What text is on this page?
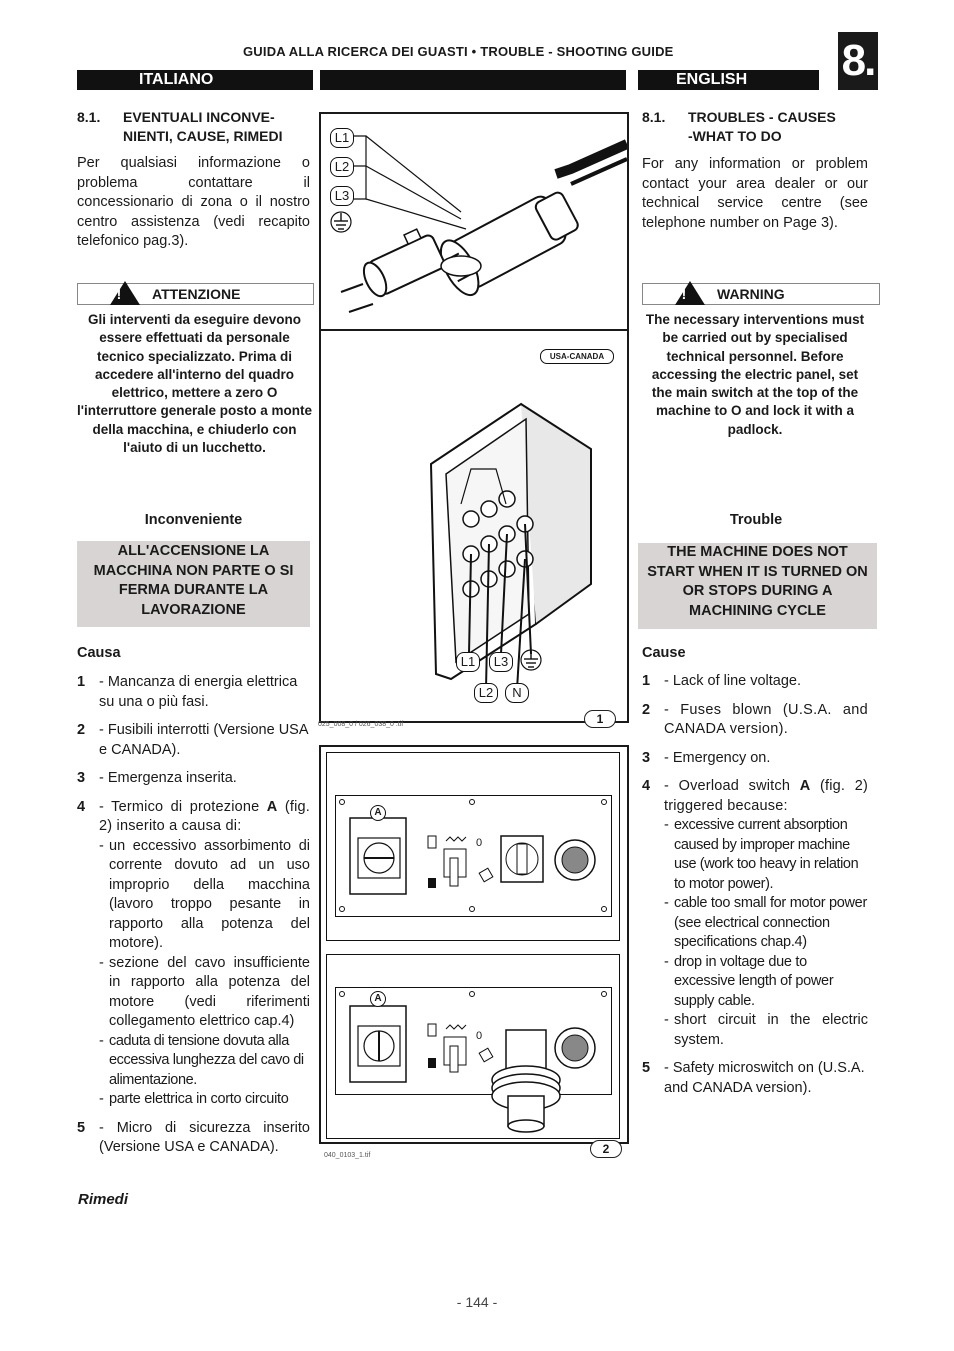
GUIDA ALLA RICERCA DEI GUASTI • TROUBLE - SHOOTING GUIDE	8.
ITALIANO	ENGLISH
8.1. EVENTUALI INCONVE-

NIENTI, CAUSE, RIMEDI
Per qualsiasi informazione o problema contattare il concessionario di zona o il nostro centro assistenza (vedi recapito telefonico pag.3).
!	ATTENZIONE
Gli interventi da eseguire devono essere effettuati da personale tecnico specializzato. Prima di accedere all'interno del quadro elettrico, mettere a zero O l'interruttore generale posto a monte della macchina, e chiuderlo con l'aiuto di un lucchetto.
Inconveniente
ALL'ACCENSIONE LA MACCHINA NON PARTE O SI FERMA DURANTE LA LAVORAZIONE
Causa
1 - Mancanza di energia elettrica su una o più fasi.
2 - Fusibili interrotti (Versione USA e CANADA).
3 - Emergenza inserita.
4 - Termico di protezione A (fig. 2) inserito a causa di:
- un eccessivo assorbimento di corrente dovuto ad un uso improprio della macchina (lavoro troppo pesante in rapporto alla potenza del motore).
- sezione del cavo insufficiente in rapporto alla potenza del motore (vedi riferimenti collegamento elettrico cap.4)
- caduta di tensione dovuta alla eccessiva lunghezza del cavo di alimentazione.
- parte elettrica in corto circuito
5 - Micro di sicurezza inserito (Versione USA e CANADA).
Rimedi
8.1. TROUBLES - CAUSES

-WHAT TO DO
For any information or problem contact your area dealer or our technical service centre (see telephone number on Page 3).
!	WARNING
The necessary interventions must be carried out by specialised technical personnel. Before accessing the electric panel, set the main switch at the top of the machine to O and lock it with a padlock.
Trouble
THE MACHINE DOES NOT START WHEN IT IS TURNED ON OR STOPS DURING A MACHINING CYCLE
Cause
1 - Lack of line voltage.
2 - Fuses blown (U.S.A. and CANADA version).
3 - Emergency on.
4 - Overload switch A (fig. 2) triggered because:
- excessive current absorption caused by improper machine use (work too heavy in relation to motor power).
- cable too small for motor power (see electrical connection specifications chap.4)
- drop in voltage due to excessive length of power supply cable.
- short circuit in the electric system.
5 - Safety microswitch on (U.S.A. and CANADA version).
L1
L2
L3
USA-CANADA
L1	L3
L2	N
025_008_0 / 026_038_0 .tif	1
A
0
A
0
040_0103_1.tif	2
- 144 -
